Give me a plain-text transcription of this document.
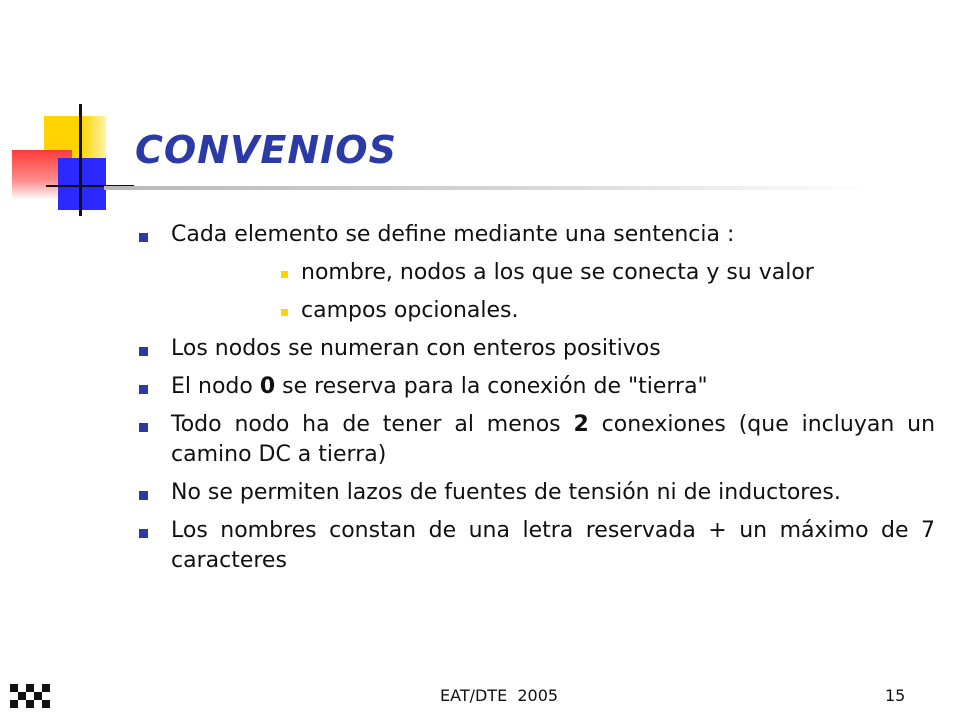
CONVENIOS
Cada elemento se define mediante una sentencia :
nombre, nodos a los que se conecta y su valor
campos opcionales.
Los nodos se numeran con enteros positivos
El nodo 0 se reserva para la conexión de "tierra"
Todo nodo ha de tener al menos 2 conexiones (que incluyan un camino DC a tierra)
No se permiten lazos de fuentes de tensión ni de inductores.
Los nombres constan de una letra reservada + un máximo de 7 caracteres
EAT/DTE  2005	15
